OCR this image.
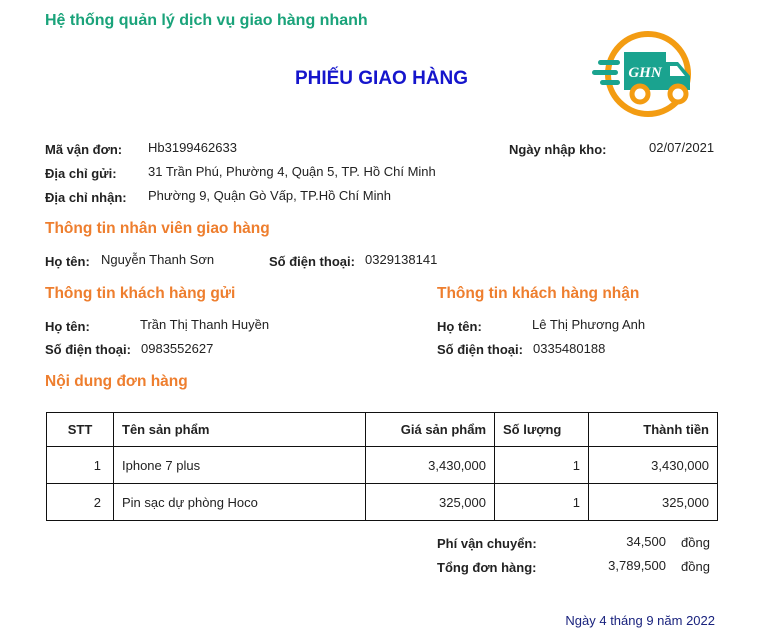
Hệ thống quản lý dịch vụ giao hàng nhanh
GHN
PHIẾU GIAO HÀNG
Mã vận đơn: Hb3199462633	Ngày nhập kho:	02/07/2021
Địa chỉ gửi: 31 Trần Phú, Phường 4, Quận 5, TP. Hồ Chí Minh
Địa chỉ nhận: Phường 9, Quận Gò Vấp, TP.Hồ Chí Minh
Thông tin nhân viên giao hàng
Họ tên: Nguyễn Thanh Sơn	Số điện thoại: 0329138141
Thông tin khách hàng gửi
Họ tên:	Trần Thị Thanh Huyền
Số điện thoại: 0983552627
Thông tin khách hàng nhận
Họ tên:	Lê Thị Phương Anh
Số điện thoại: 0335480188
Nội dung đơn hàng
STT	Tên sản phẩm	Giá sản phẩm	Số lượng	Thành tiền
1	Iphone 7 plus	3,430,000	1	3,430,000
2	Pin sạc dự phòng Hoco	325,000	1	325,000
Phí vận chuyển:	34,500 đồng
Tổng đơn hàng:	3,789,500 đồng
Ngày 4 tháng 9 năm 2022
